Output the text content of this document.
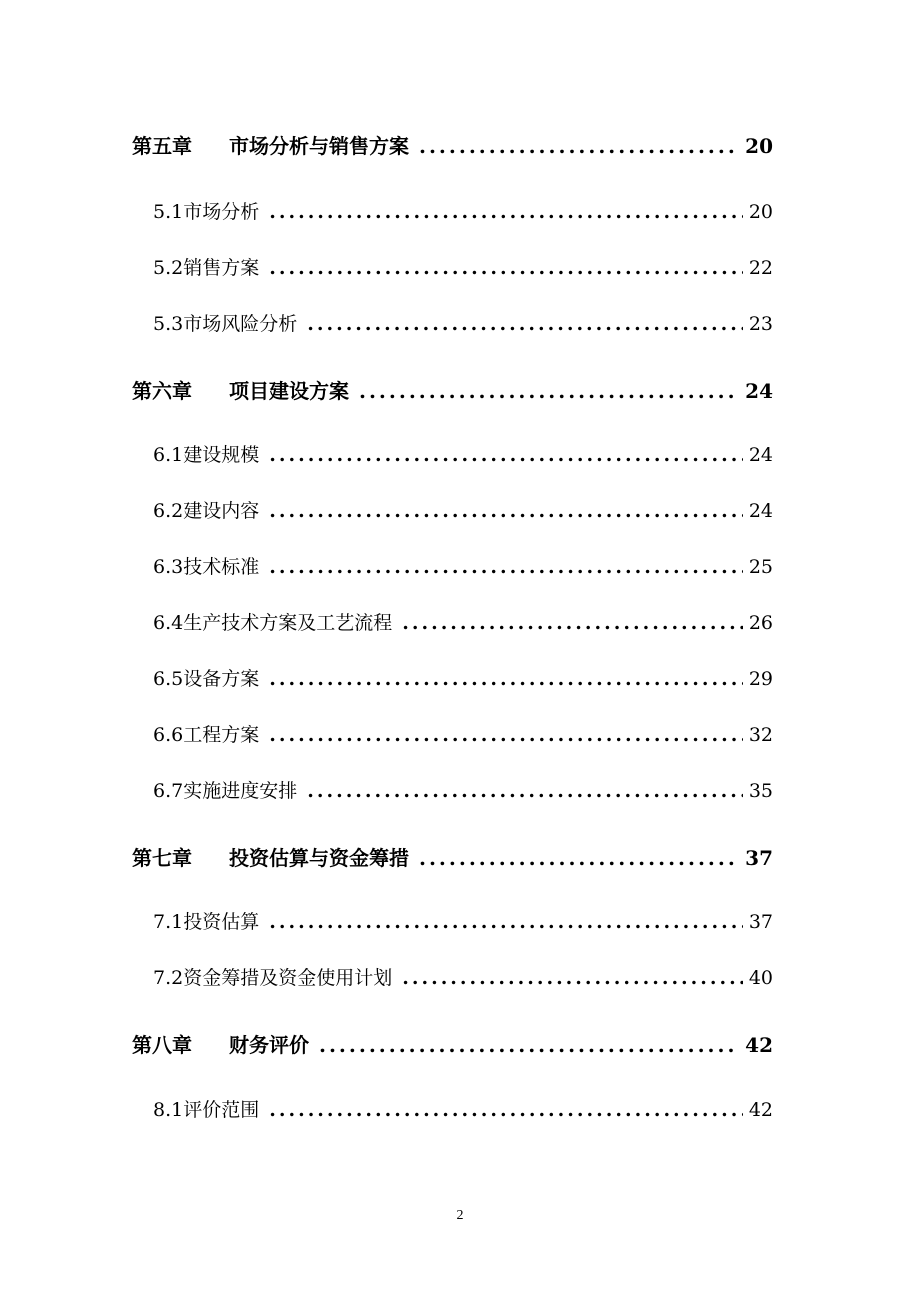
第五章 市场分析与销售方案 .....	20
5.1市场分析 .....	20
5.2销售方案 .....	22
5.3市场风险分析 .....	23
第六章 项目建设方案 .....	24
6.1建设规模 .....	24
6.2建设内容 .....	24
6.3技术标准 .....	25
6.4生产技术方案及工艺流程 .....	26
6.5设备方案 .....	29
6.6工程方案 .....	32
6.7实施进度安排 .....	35
第七章 投资估算与资金筹措 .....	37
7.1投资估算 .....	37
7.2资金筹措及资金使用计划 .....	40
第八章 财务评价 .....	42
8.1评价范围 .....	42
2
